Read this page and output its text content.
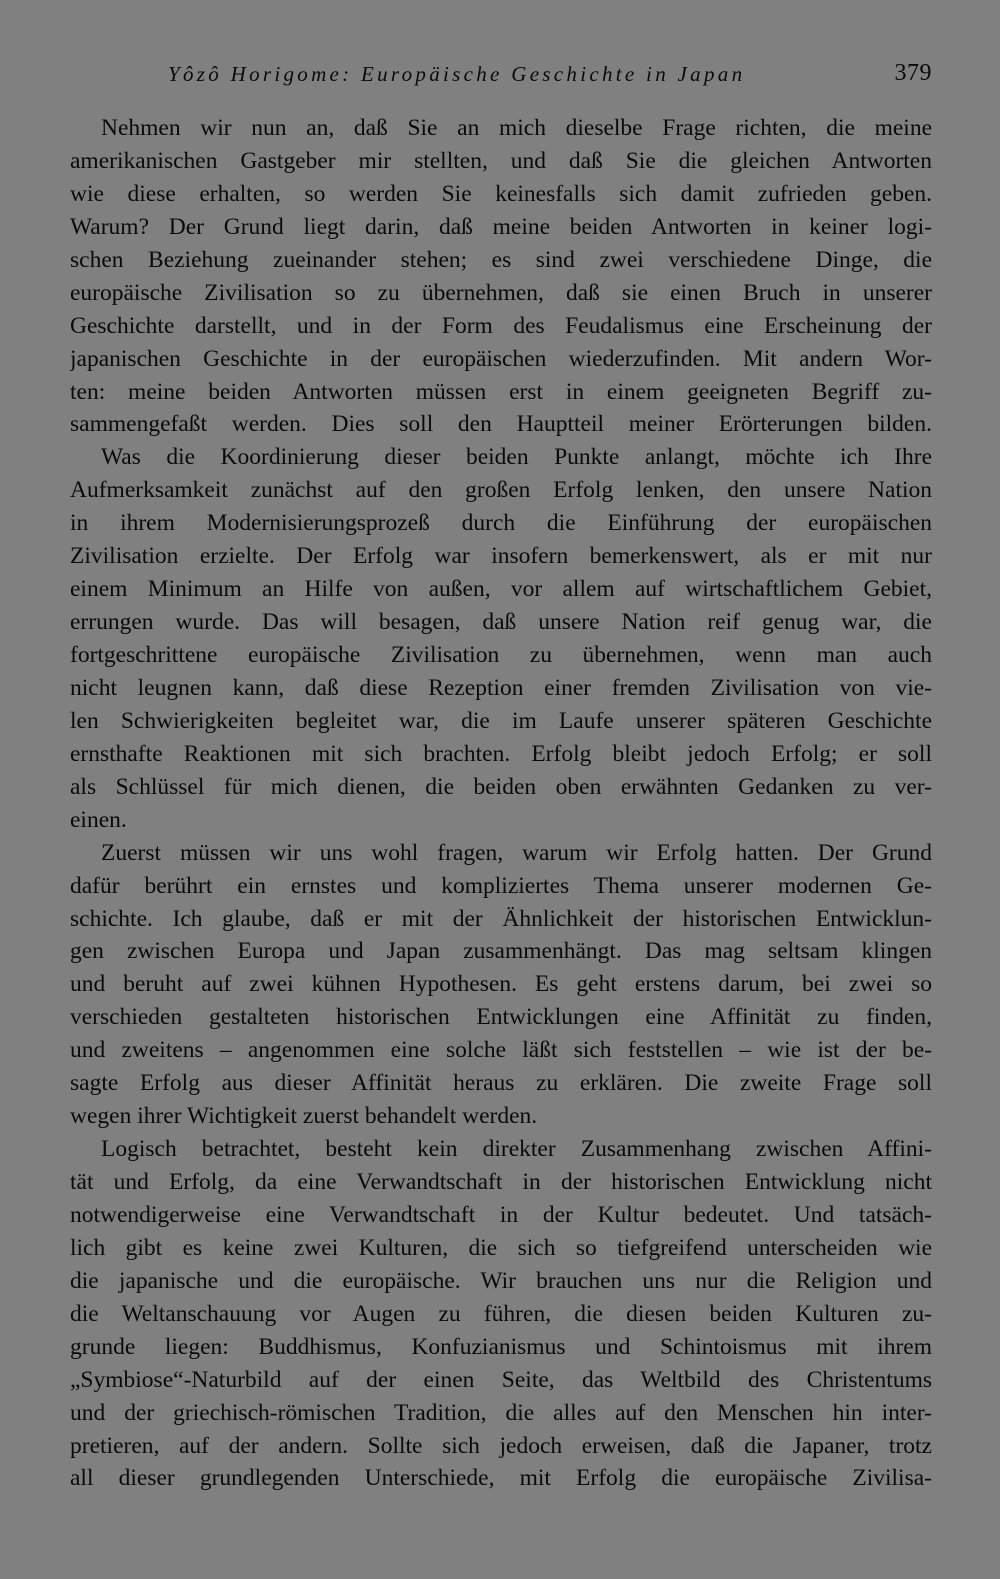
Yôzô Horigome: Europäische Geschichte in Japan	379
Nehmen wir nun an, daß Sie an mich dieselbe Frage richten, die meine
amerikanischen Gastgeber mir stellten, und daß Sie die gleichen Antworten
wie diese erhalten, so werden Sie keinesfalls sich damit zufrieden geben.
Warum? Der Grund liegt darin, daß meine beiden Antworten in keiner logi-
schen Beziehung zueinander stehen; es sind zwei verschiedene Dinge, die
europäische Zivilisation so zu übernehmen, daß sie einen Bruch in unserer
Geschichte darstellt, und in der Form des Feudalismus eine Erscheinung der
japanischen Geschichte in der europäischen wiederzufinden. Mit andern Wor-
ten: meine beiden Antworten müssen erst in einem geeigneten Begriff zu-
sammengefaßt werden. Dies soll den Hauptteil meiner Erörterungen bilden.
Was die Koordinierung dieser beiden Punkte anlangt, möchte ich Ihre
Aufmerksamkeit zunächst auf den großen Erfolg lenken, den unsere Nation
in ihrem Modernisierungsprozeß durch die Einführung der europäischen
Zivilisation erzielte. Der Erfolg war insofern bemerkenswert, als er mit nur
einem Minimum an Hilfe von außen, vor allem auf wirtschaftlichem Gebiet,
errungen wurde. Das will besagen, daß unsere Nation reif genug war, die
fortgeschrittene europäische Zivilisation zu übernehmen, wenn man auch
nicht leugnen kann, daß diese Rezeption einer fremden Zivilisation von vie-
len Schwierigkeiten begleitet war, die im Laufe unserer späteren Geschichte
ernsthafte Reaktionen mit sich brachten. Erfolg bleibt jedoch Erfolg; er soll
als Schlüssel für mich dienen, die beiden oben erwähnten Gedanken zu ver-
einen.
Zuerst müssen wir uns wohl fragen, warum wir Erfolg hatten. Der Grund
dafür berührt ein ernstes und kompliziertes Thema unserer modernen Ge-
schichte. Ich glaube, daß er mit der Ähnlichkeit der historischen Entwicklun-
gen zwischen Europa und Japan zusammenhängt. Das mag seltsam klingen
und beruht auf zwei kühnen Hypothesen. Es geht erstens darum, bei zwei so
verschieden gestalteten historischen Entwicklungen eine Affinität zu finden,
und zweitens – angenommen eine solche läßt sich feststellen – wie ist der be-
sagte Erfolg aus dieser Affinität heraus zu erklären. Die zweite Frage soll
wegen ihrer Wichtigkeit zuerst behandelt werden.
Logisch betrachtet, besteht kein direkter Zusammenhang zwischen Affini-
tät und Erfolg, da eine Verwandtschaft in der historischen Entwicklung nicht
notwendigerweise eine Verwandtschaft in der Kultur bedeutet. Und tatsäch-
lich gibt es keine zwei Kulturen, die sich so tiefgreifend unterscheiden wie
die japanische und die europäische. Wir brauchen uns nur die Religion und
die Weltanschauung vor Augen zu führen, die diesen beiden Kulturen zu-
grunde liegen: Buddhismus, Konfuzianismus und Schintoismus mit ihrem
„Symbiose“-Naturbild auf der einen Seite, das Weltbild des Christentums
und der griechisch-römischen Tradition, die alles auf den Menschen hin inter-
pretieren, auf der andern. Sollte sich jedoch erweisen, daß die Japaner, trotz
all dieser grundlegenden Unterschiede, mit Erfolg die europäische Zivilisa-
